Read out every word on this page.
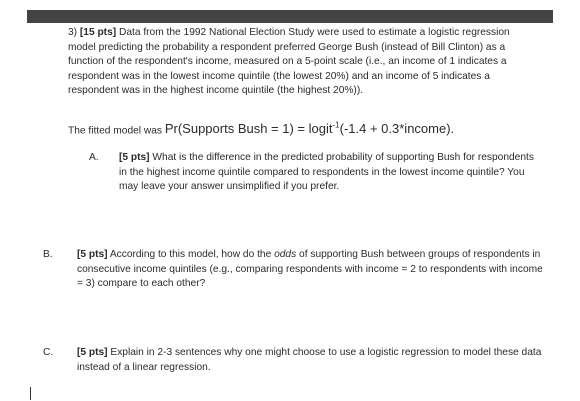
3) [15 pts] Data from the 1992 National Election Study were used to estimate a logistic regression model predicting the probability a respondent preferred George Bush (instead of Bill Clinton) as a function of the respondent's income, measured on a 5-point scale (i.e., an income of 1 indicates a respondent was in the lowest income quintile (the lowest 20%) and an income of 5 indicates a respondent was in the highest income quintile (the highest 20%)).
The fitted model was Pr(Supports Bush = 1) = logit$^{-1}$(-1.4 + 0.3*income).
A. [5 pts] What is the difference in the predicted probability of supporting Bush for respondents in the highest income quintile compared to respondents in the lowest income quintile? You may leave your answer unsimplified if you prefer.
B. [5 pts] According to this model, how do the odds of supporting Bush between groups of respondents in consecutive income quintiles (e.g., comparing respondents with income = 2 to respondents with income = 3) compare to each other?
C. [5 pts] Explain in 2-3 sentences why one might choose to use a logistic regression to model these data instead of a linear regression.
